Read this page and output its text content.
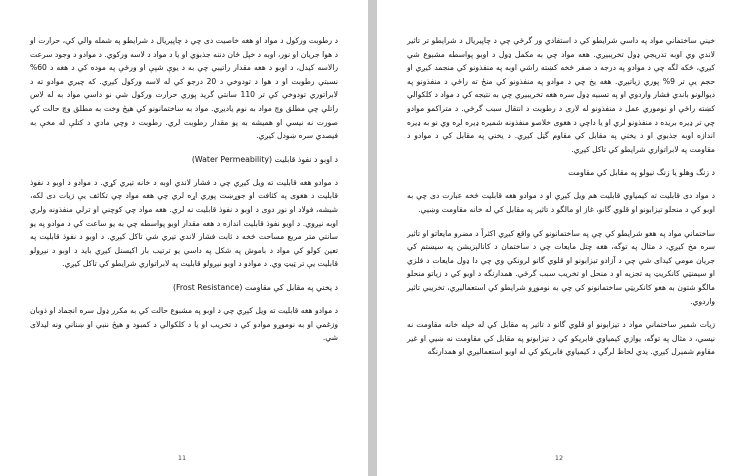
د رطوبت وركول د مواد او هغه خاصيت دی چي د چاپيريال د شرايطو په شمله والي کي، حرارت او د هوا جريان او نور، اوبه د خپل ځان دننه جذبوي او يا د مواد د لاسه وركوي. د موادو د وجود سرعت رالاسه کيدل، د اوبو د هغه مقدار راتيبي چي به د يوې شپې او ورځې په موده کي د هغه د 60% نسبتي رطوبت او د هوا د تودوخي د 20 درجو کي له لاسه ورکول کيږي. که چيري موادو ته د لابراتوري تودوخي کي تر 110 سانتي گريد پوري حرارت ورکول شي نو داسي مواد به له لاس راتلي چي مطلق وچ مواد به نوم ياديږي. مواد به ساختمانونو کي هيڅ وخت به مطلق وچ حالت کي صورت نه نيسي او هميشه به يو مقدار رطوبت لري. رطوبت د وچي مادي د کتلې له مخې به فيصدي سره ښودل کيږي.

د اوبو د نفوذ قابليت (Water Permeability)

د موادو هغه قابليت ته ويل کيږي چي د فشار لاندي اوبه د خانه تيري کړي. د موادو د اوبو د نفوذ قابليت د هغوی په کثافت او جوړښت پوري اړه لري چي هغه مواد چي تکاثف يې زيات دی لکه، شيشه، فولاد او نور دوی د اوبو د نفوذ قابليت نه لري. هغه مواد چي کوچني او ترلي منفذونه ولري اوبه نيږوي. د اوبو نفوذ قابليت اندازه د هغه مقدار اوبو پواسطه چي به يو ساعت کي د موادو په يو سانتي متر مربع مساحت څخه د ثابت فشار لاندي تيري شي تاکل کيږي. د اوبو د نفوذ قابليت په تعين کولو کي مواد د باموش په شکل په داسي يو ترتيب بار اکيسنل کيږي بايد د اوبو د نيږولو قابليت يې تر ټيټ وي. د موادو د اوبو نيږولو قابليت په لابراتواري شرايطو کي تاکل کيږي.

د يخني په مقابل کي مقاومت (Frost Resistance)

د موادو هغه قابليت ته ويل کيږي چي د اوبو په مشبوع حالت کي به مکرر ډول سره انجماد او ذوبان وزغمي او به نوموړو موادو کي د تخريب او يا د کلکوالي د کمبود و هيڅ ننبي او ښناني ونه ليدلای شي.

11

خيني ساختماني مواد په داسي شرايطو کي د استفادي ور گرځي چي د چاپيريال د شرايطو تر تاثير لاندي وي اوبه تدريجي ډول تخريبيږي. هغه مواد چي به مکمل ډول د اوبو پواسطه مشبوع شي کيږي، څکه لگه چي د موادو په درجه د صفر څخه کښته راشي اوبه په منفذونو کي منجمد کيږي او حجم يې تر 9% پوري زياتيږي. هغه يخ چي د موادو په منفذونو کي منځ ته راځي د منفذونو په ديوالونو باندي فشار واردوي او په تسبيه ډول سره هغه تخريبيږي چي به نتيجه کي د مواد د کلکوالي کښته راځي او نوموري عمل د منفذونو له لاری د رطوبت د انتقال سبب گرځي. د متراکمو موادو چي تر ډيره بريده د منفذونو لري او يا داچي د هغوی خلاصو منفذونه شميره ډيره لږه وي نو به ډيره اندازه اوبه جذبوي او د يخني په مقابل کي مقاوم گڼل کيږي. د يخني په مقابل کي د موادو د مقاومت په لابراتواري شرايطو کي تاکل کيږي.

د زنگ وهلو يا زنگ نيولو په مقابل کي مقاومت

د مواد دی قابليت ته کيمياوي قابليت هم ويل کيږي او د موادو هغه قابليت څخه عبارت دی چي به اوبو کي د منحلو تيزابونو او قلوي گانو، غاز او مالگو د تاثير په مقابل کي له خانه مقاومت وښيي.

ساختماني مواد په هغو شرايطو کي چي په ساختمانونو کي واقع کيږي اکثراً د مضرو مايعاتو او تاثير سره مخ کيږي، د مثال په توگه، هغه چتل مايعات چي د ساختمان د کانالېزيشن په سيستم کي جريان مومي کيدای شي چي د آزادو تيزابونو او قلوي گانو لرونکي وي چي دا ډول مايعات د فلزي او سيمنټي کانکريټ په تجزيه او د منحل او تخريب سبب گرځي. همدارنگه د اوبو کي د زياتو منحلو مالگو شتون به هغو کانکريټي ساختمانونو کي چي به نوموړو شرايطو کي استعماليږي، تخريبي تاثير واردوي.

زيات شمير ساختماني مواد د تيزابونو او قلوي گانو د تاثير په مقابل کي له خپله خانه مقاومت نه نيسي، د مثال په توگه، يوازي کيمياوي فابريکو کي د تيزابونو په مقابل کي مقاومت نه ښيي او غير مقاوم شميرل کيږي. يدي لحاظ لرگي د کيمياوي فابريکو کي له اوبو استعماليږي او همدارنگه

12
